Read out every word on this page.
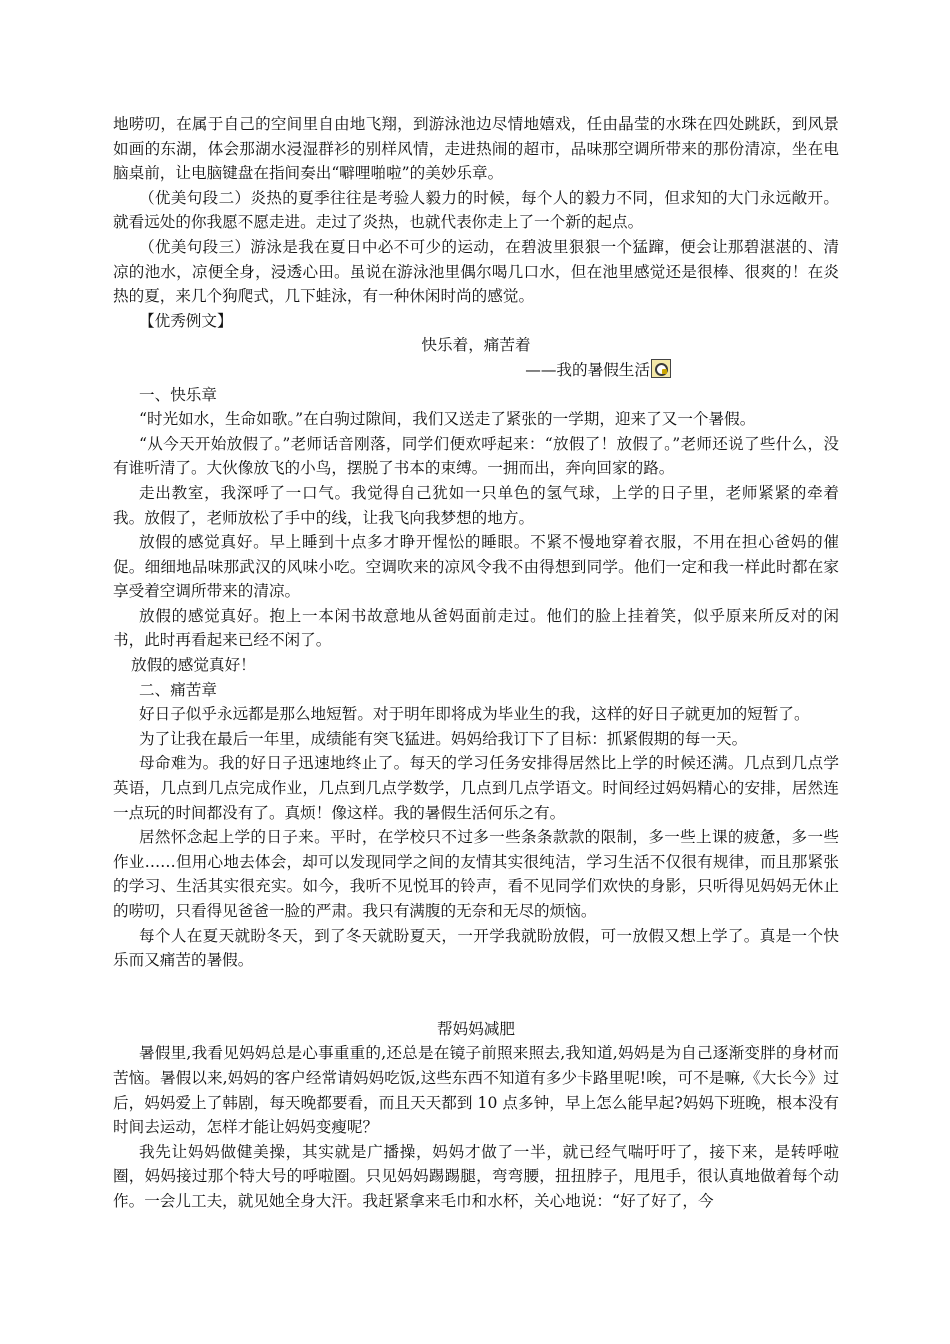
地唠叨，在属于自己的空间里自由地飞翔，到游泳池边尽情地嬉戏，任由晶莹的水珠在四处跳跃，到风景如画的东湖，体会那湖水浸湿群衫的别样风情，走进热闹的超市，品味那空调所带来的那份清凉，坐在电脑桌前，让电脑键盘在指间奏出“噼哩啪啦”的美妙乐章。

（优美句段二）炎热的夏季往往是考验人毅力的时候，每个人的毅力不同，但求知的大门永远敞开。就看远处的你我愿不愿走进。走过了炎热，也就代表你走上了一个新的起点。

（优美句段三）游泳是我在夏日中必不可少的运动，在碧波里狠狠一个猛蹿，便会让那碧湛湛的、清凉的池水，凉便全身，浸透心田。虽说在游泳池里偶尔喝几口水，但在池里感觉还是很棒、很爽的！在炎热的夏，来几个狗爬式，几下蛙泳，有一种休闲时尚的感觉。

【优秀例文】

快乐着，痛苦着

——我的暑假生活

一、快乐章

“时光如水，生命如歌。”在白驹过隙间，我们又送走了紧张的一学期，迎来了又一个暑假。

“从今天开始放假了。”老师话音刚落，同学们便欢呼起来：“放假了！放假了。”老师还说了些什么，没有谁听清了。大伙像放飞的小鸟，摆脱了书本的束缚。一拥而出，奔向回家的路。

走出教室，我深呼了一口气。我觉得自己犹如一只单色的氢气球，上学的日子里，老师紧紧的牵着我。放假了，老师放松了手中的线，让我飞向我梦想的地方。

放假的感觉真好。早上睡到十点多才睁开惺忪的睡眼。不紧不慢地穿着衣服，不用在担心爸妈的催促。细细地品味那武汉的风味小吃。空调吹来的凉风令我不由得想到同学。他们一定和我一样此时都在家享受着空调所带来的清凉。

放假的感觉真好。抱上一本闲书故意地从爸妈面前走过。他们的脸上挂着笑，似乎原来所反对的闲书，此时再看起来已经不闲了。

放假的感觉真好！

二、痛苦章

好日子似乎永远都是那么地短暂。对于明年即将成为毕业生的我，这样的好日子就更加的短暂了。

为了让我在最后一年里，成绩能有突飞猛进。妈妈给我订下了目标：抓紧假期的每一天。

母命难为。我的好日子迅速地终止了。每天的学习任务安排得居然比上学的时候还满。几点到几点学英语，几点到几点完成作业，几点到几点学数学，几点到几点学语文。时间经过妈妈精心的安排，居然连一点玩的时间都没有了。真烦！像这样。我的暑假生活何乐之有。

居然怀念起上学的日子来。平时，在学校只不过多一些条条款款的限制，多一些上课的疲惫，多一些作业……但用心地去体会，却可以发现同学之间的友情其实很纯洁，学习生活不仅很有规律，而且那紧张的学习、生活其实很充实。如今，我听不见悦耳的铃声，看不见同学们欢快的身影，只听得见妈妈无休止的唠叨，只看得见爸爸一脸的严肃。我只有满腹的无奈和无尽的烦恼。

每个人在夏天就盼冬天，到了冬天就盼夏天，一开学我就盼放假，可一放假又想上学了。真是一个快乐而又痛苦的暑假。

帮妈妈减肥

暑假里,我看见妈妈总是心事重重的,还总是在镜子前照来照去,我知道,妈妈是为自己逐渐变胖的身材而苦恼。暑假以来,妈妈的客户经常请妈妈吃饭,这些东西不知道有多少卡路里呢!唉，可不是嘛,《大长今》过后，妈妈爱上了韩剧，每天晚都要看，而且天天都到 10 点多钟，早上怎么能早起?妈妈下班晚，根本没有时间去运动，怎样才能让妈妈变瘦呢？

我先让妈妈做健美操，其实就是广播操，妈妈才做了一半，就已经气喘吁吁了，接下来，是转呼啦圈，妈妈接过那个特大号的呼啦圈。只见妈妈踢踢腿，弯弯腰，扭扭脖子，甩甩手，很认真地做着每个动作。一会儿工夫，就见她全身大汗。我赶紧拿来毛巾和水杯，关心地说：“好了好了，今
